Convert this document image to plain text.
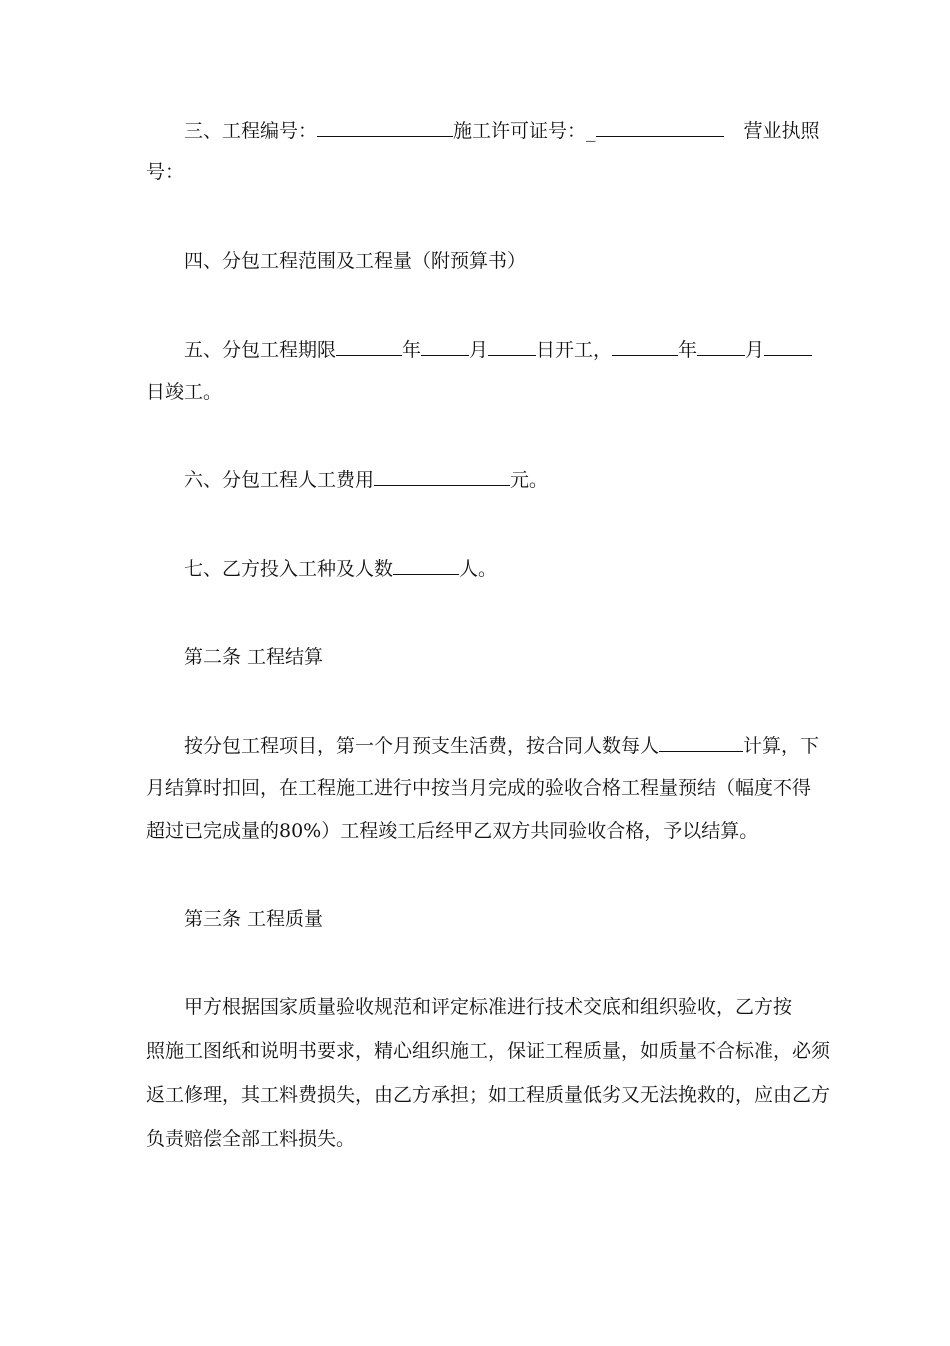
三、工程编号：	施工许可证号：_	营业执照
号：
四、分包工程范围及工程量（附预算书）
五、分包工程期限	年	月	日开工，	年	月
日竣工。
六、分包工程人工费用	元。
七、乙方投入工种及人数	人。
第二条 工程结算
按分包工程项目，第一个月预支生活费，按合同人数每人	计算，下
月结算时扣回，在工程施工进行中按当月完成的验收合格工程量预结（幅度不得
超过已完成量的80%）工程竣工后经甲乙双方共同验收合格，予以结算。
第三条 工程质量
甲方根据国家质量验收规范和评定标准进行技术交底和组织验收，乙方按
照施工图纸和说明书要求，精心组织施工，保证工程质量，如质量不合标准，必须
返工修理，其工料费损失，由乙方承担；如工程质量低劣又无法挽救的，应由乙方
负责赔偿全部工料损失。
